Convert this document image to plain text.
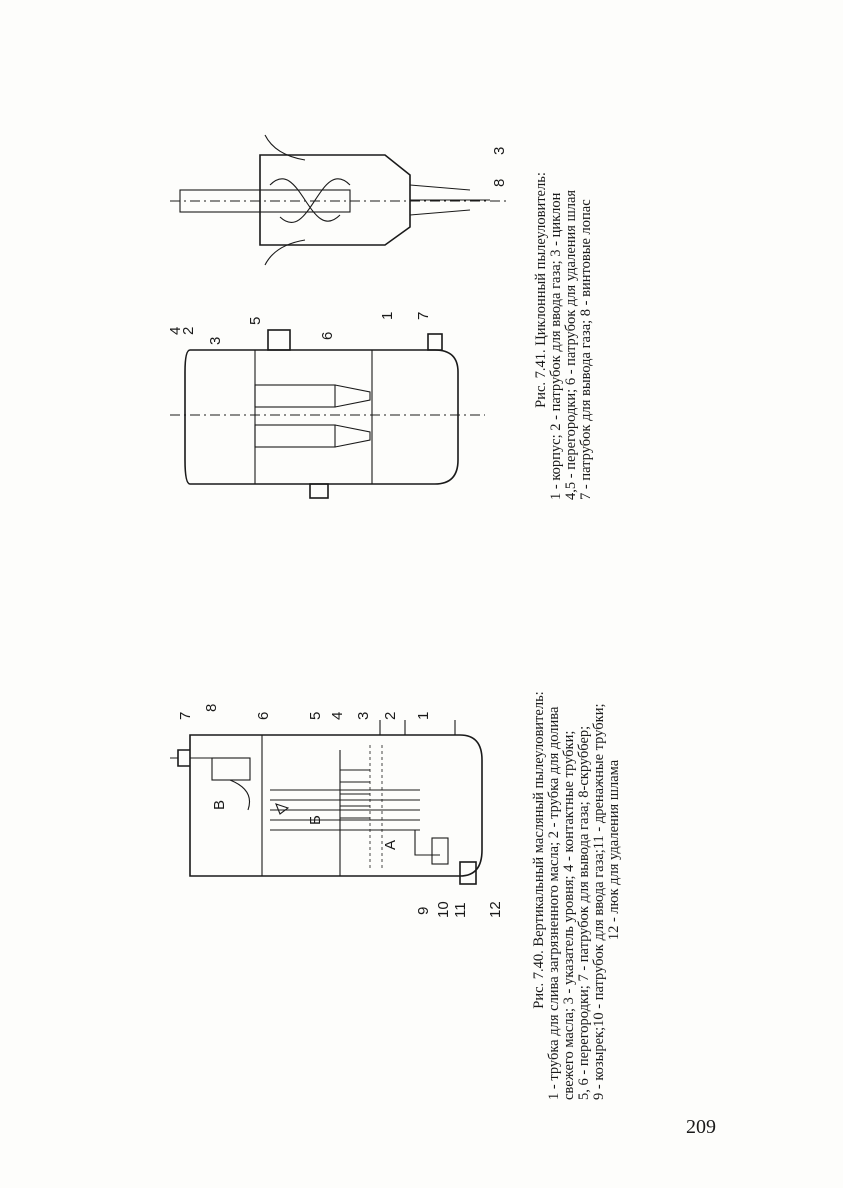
Рис. 7.40. Вертикальный масляный пылеуловитель: 1 - трубка для слива загрязненного масла; 2 - трубка для долива свежего масла; 3 - указатель уровня; 4 - контактные трубки; 5, 6 - перегородки; 7 - патрубок для вывода газа; 8-скруббер; 9 - козырек;10 - патрубок для ввода газа;11 - дренажные трубки; 12 - люк для удаления шлама
Рис. 7.41. Циклонный пылеуловитель: 1 - корпус; 2 - патрубок для ввода газа; 3 - циклон 4,5 - перегородки; 6 - патрубок для удаления шлая 7 - патрубок для вывода газа; 8 - винтовые лопас
В
Б
А
7	6 5 4 3 2 1
8
9 10 11 12
4
2
3
5
6
1 7
3
8
209
